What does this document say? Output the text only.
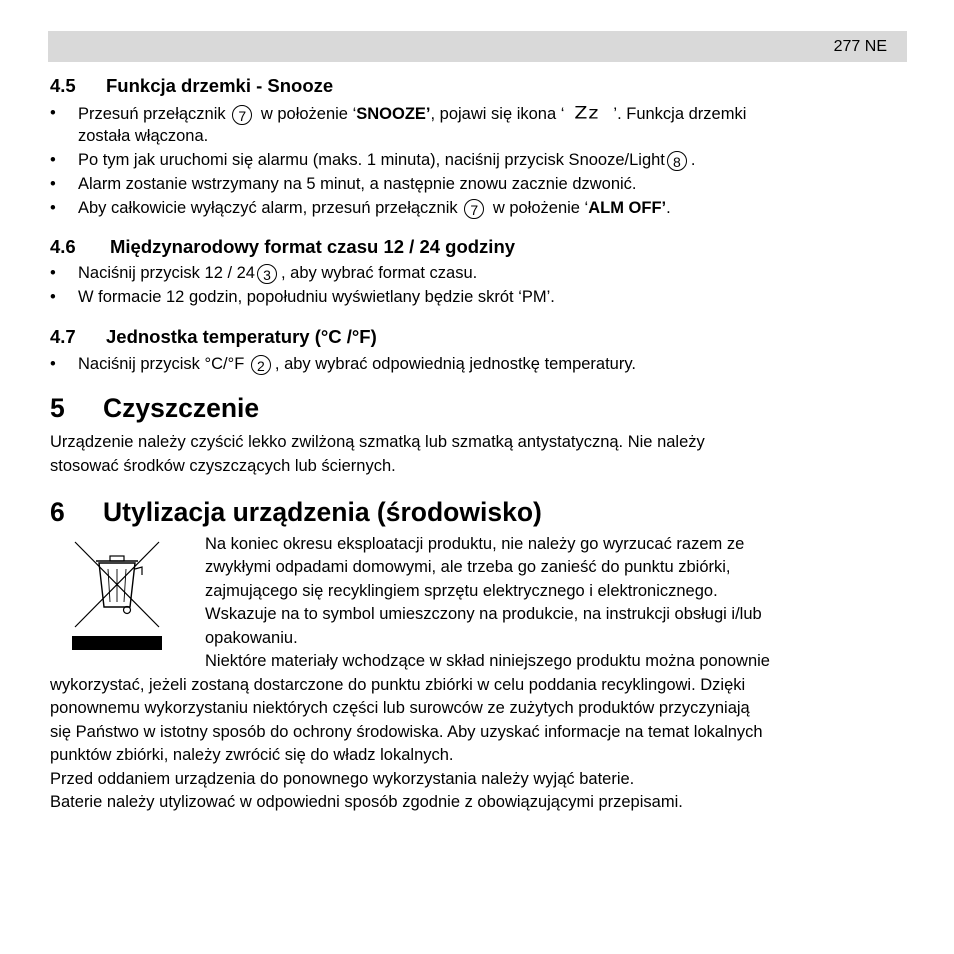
277 NE
4.5 Funkcja drzemki - Snooze
• Przesuń przełącznik 7 w położenie ‘SNOOZE’, pojawi się ikona ‘ Zz ’. Funkcja drzemki
została włączona.
• Po tym jak uruchomi się alarmu (maks. 1 minuta), naciśnij przycisk Snooze/Light 8 .
• Alarm zostanie wstrzymany na 5 minut, a następnie znowu zacznie dzwonić.
• Aby całkowicie wyłączyć alarm, przesuń przełącznik 7 w położenie ‘ALM OFF’.
4.6 Międzynarodowy format czasu 12 / 24 godziny
• Naciśnij przycisk 12 / 24 3 , aby wybrać format czasu.
• W formacie 12 godzin, popołudniu wyświetlany będzie skrót ‘PM’.
4.7 Jednostka temperatury (°C /°F)
• Naciśnij przycisk °C/°F 2 , aby wybrać odpowiednią jednostkę temperatury.
5 Czyszczenie
Urządzenie należy czyścić lekko zwilżoną szmatką lub szmatką antystatyczną. Nie należy
stosować środków czyszczących lub ściernych.
6 Utylizacja urządzenia (środowisko)
Na koniec okresu eksploatacji produktu, nie należy go wyrzucać razem ze
zwykłymi odpadami domowymi, ale trzeba go zanieść do punktu zbiórki,
zajmującego się recyklingiem sprzętu elektrycznego i elektronicznego.
Wskazuje na to symbol umieszczony na produkcie, na instrukcji obsługi i/lub
opakowaniu.
Niektóre materiały wchodzące w skład niniejszego produktu można ponownie
wykorzystać, jeżeli zostaną dostarczone do punktu zbiórki w celu poddania recyklingowi. Dzięki
ponownemu wykorzystaniu niektórych części lub surowców ze zużytych produktów przyczyniają
się Państwo w istotny sposób do ochrony środowiska. Aby uzyskać informacje na temat lokalnych
punktów zbiórki, należy zwrócić się do władz lokalnych.
Przed oddaniem urządzenia do ponownego wykorzystania należy wyjąć baterie.
Baterie należy utylizować w odpowiedni sposób zgodnie z obowiązującymi przepisami.
